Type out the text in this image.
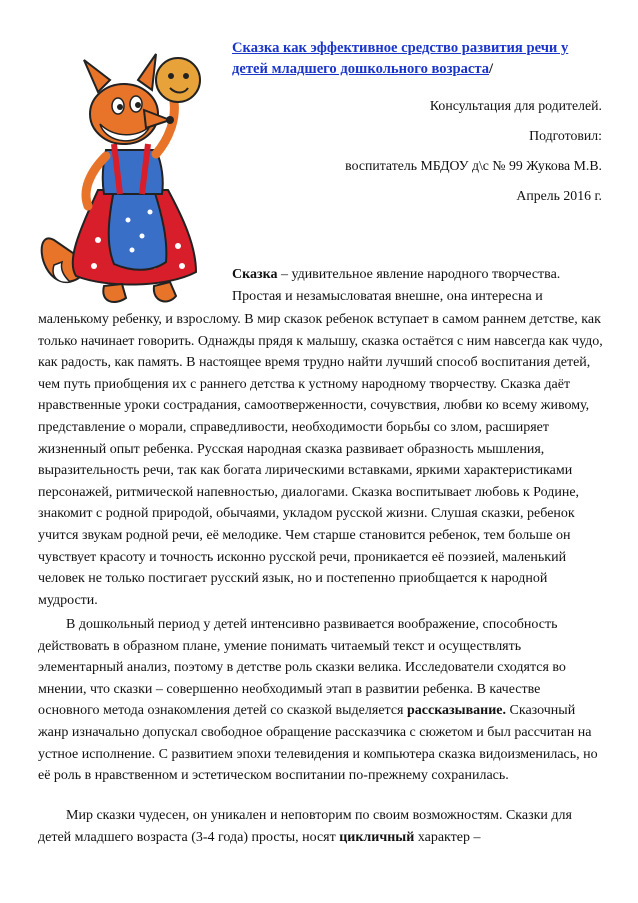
Сказка как эффективное средство развития речи у детей младшего дошкольного возраста/

Консультация для родителей.

Подготовил:

воспитатель МБДОУ д\с № 99 Жукова М.В.

Апрель 2016 г.

Сказка – удивительное явление народного творчества. Простая и незамысловатая внешне, она интересна и

маленькому ребенку, и взрослому. В мир сказок ребенок вступает в самом раннем детстве, как только начинает говорить. Однажды прядя к малышу, сказка остаётся с ним навсегда как чудо, как радость, как память. В настоящее время трудно найти лучший способ воспитания детей, чем путь приобщения их с раннего детства к устному народному творчеству. Сказка даёт нравственные уроки сострадания, самоотверженности, сочувствия, любви ко всему живому, представление о морали, справедливости, необходимости борьбы со злом, расширяет жизненный опыт ребенка. Русская народная сказка развивает образность мышления, выразительность речи, так как богата лирическими вставками, яркими характеристиками персонажей, ритмической напевностью, диалогами. Сказка воспитывает любовь к Родине, знакомит с родной природой, обычаями, укладом русской жизни. Слушая сказки, ребенок учится звукам родной речи, её мелодике. Чем старше становится ребенок, тем больше он чувствует красоту и точность исконно русской речи, проникается её поэзией, маленький человек не только постигает русский язык, но и постепенно приобщается к народной мудрости.

В дошкольный период у детей интенсивно развивается воображение, способность действовать в образном плане, умение понимать читаемый текст и осуществлять элементарный анализ, поэтому в детстве роль сказки велика. Исследователи сходятся во мнении, что сказки – совершенно необходимый этап в развитии ребенка. В качестве основного метода ознакомления детей со сказкой выделяется рассказывание. Сказочный жанр изначально допускал свободное обращение рассказчика с сюжетом и был рассчитан на устное исполнение. С развитием эпохи телевидения и компьютера сказка видоизменилась, но её роль в нравственном и эстетическом воспитании по-прежнему сохранилась.

Мир сказки чудесен, он уникален и неповторим по своим возможностям. Сказки для детей младшего возраста (3-4 года) просты, носят цикличный характер –
